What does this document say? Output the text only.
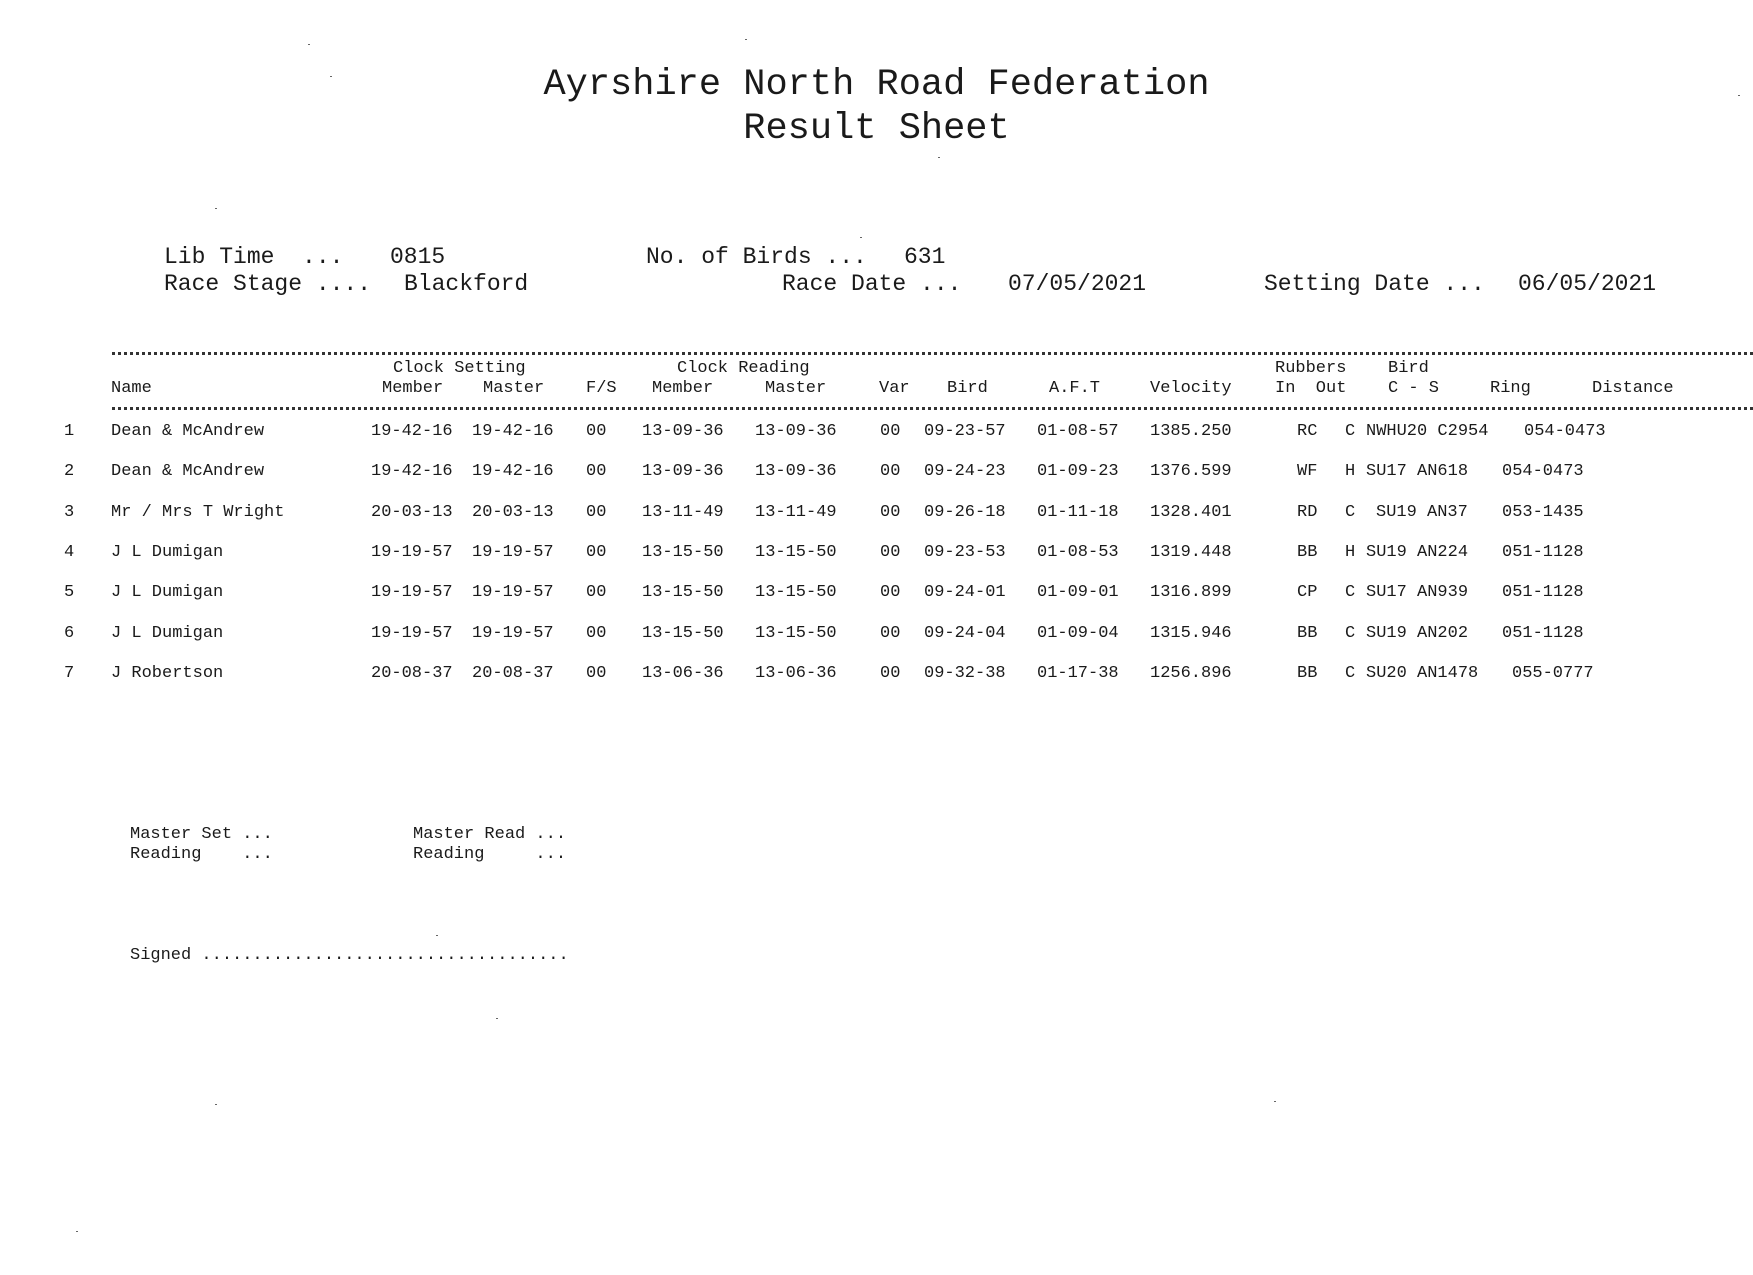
Ayrshire North Road Federation
Result Sheet
Lib Time  ... 0815	No. of Birds ... 631
Race Stage .... Blackford	Race Date ... 07/05/2021	Setting Date ... 06/05/2021
Clock Setting	Clock Reading	Rubbers Bird
Name	Member Master F/S Member	Master	Var Bird	A.F.T	Velocity	In  Out C - S	Ring	Distance
1 Dean & McAndrew	19-42-16 19-42-16 00 13-09-36 13-09-36	00 09-23-57 01-08-57 1385.250	RC C NWHU20 C2954 054-0473
2 Dean & McAndrew	19-42-16 19-42-16 00 13-09-36 13-09-36	00 09-24-23 01-09-23 1376.599	WF H SU17 AN618 054-0473
3 Mr / Mrs T Wright	20-03-13 20-03-13 00 13-11-49 13-11-49	00 09-26-18 01-11-18 1328.401	RD C SU19 AN37 053-1435
4 J L Dumigan	19-19-57 19-19-57 00 13-15-50 13-15-50	00 09-23-53 01-08-53 1319.448	BB H SU19 AN224 051-1128
5 J L Dumigan	19-19-57 19-19-57 00 13-15-50 13-15-50	00 09-24-01 01-09-01 1316.899	CP C SU17 AN939 051-1128
6 J L Dumigan	19-19-57 19-19-57 00 13-15-50 13-15-50	00 09-24-04 01-09-04 1315.946	BB C SU19 AN202 051-1128
7 J Robertson	20-08-37 20-08-37 00 13-06-36 13-06-36	00 09-32-38 01-17-38 1256.896	BB C SU20 AN1478 055-0777
Master Set ...
Reading    ...
Master Read ...
Reading     ...
Signed ....................................
